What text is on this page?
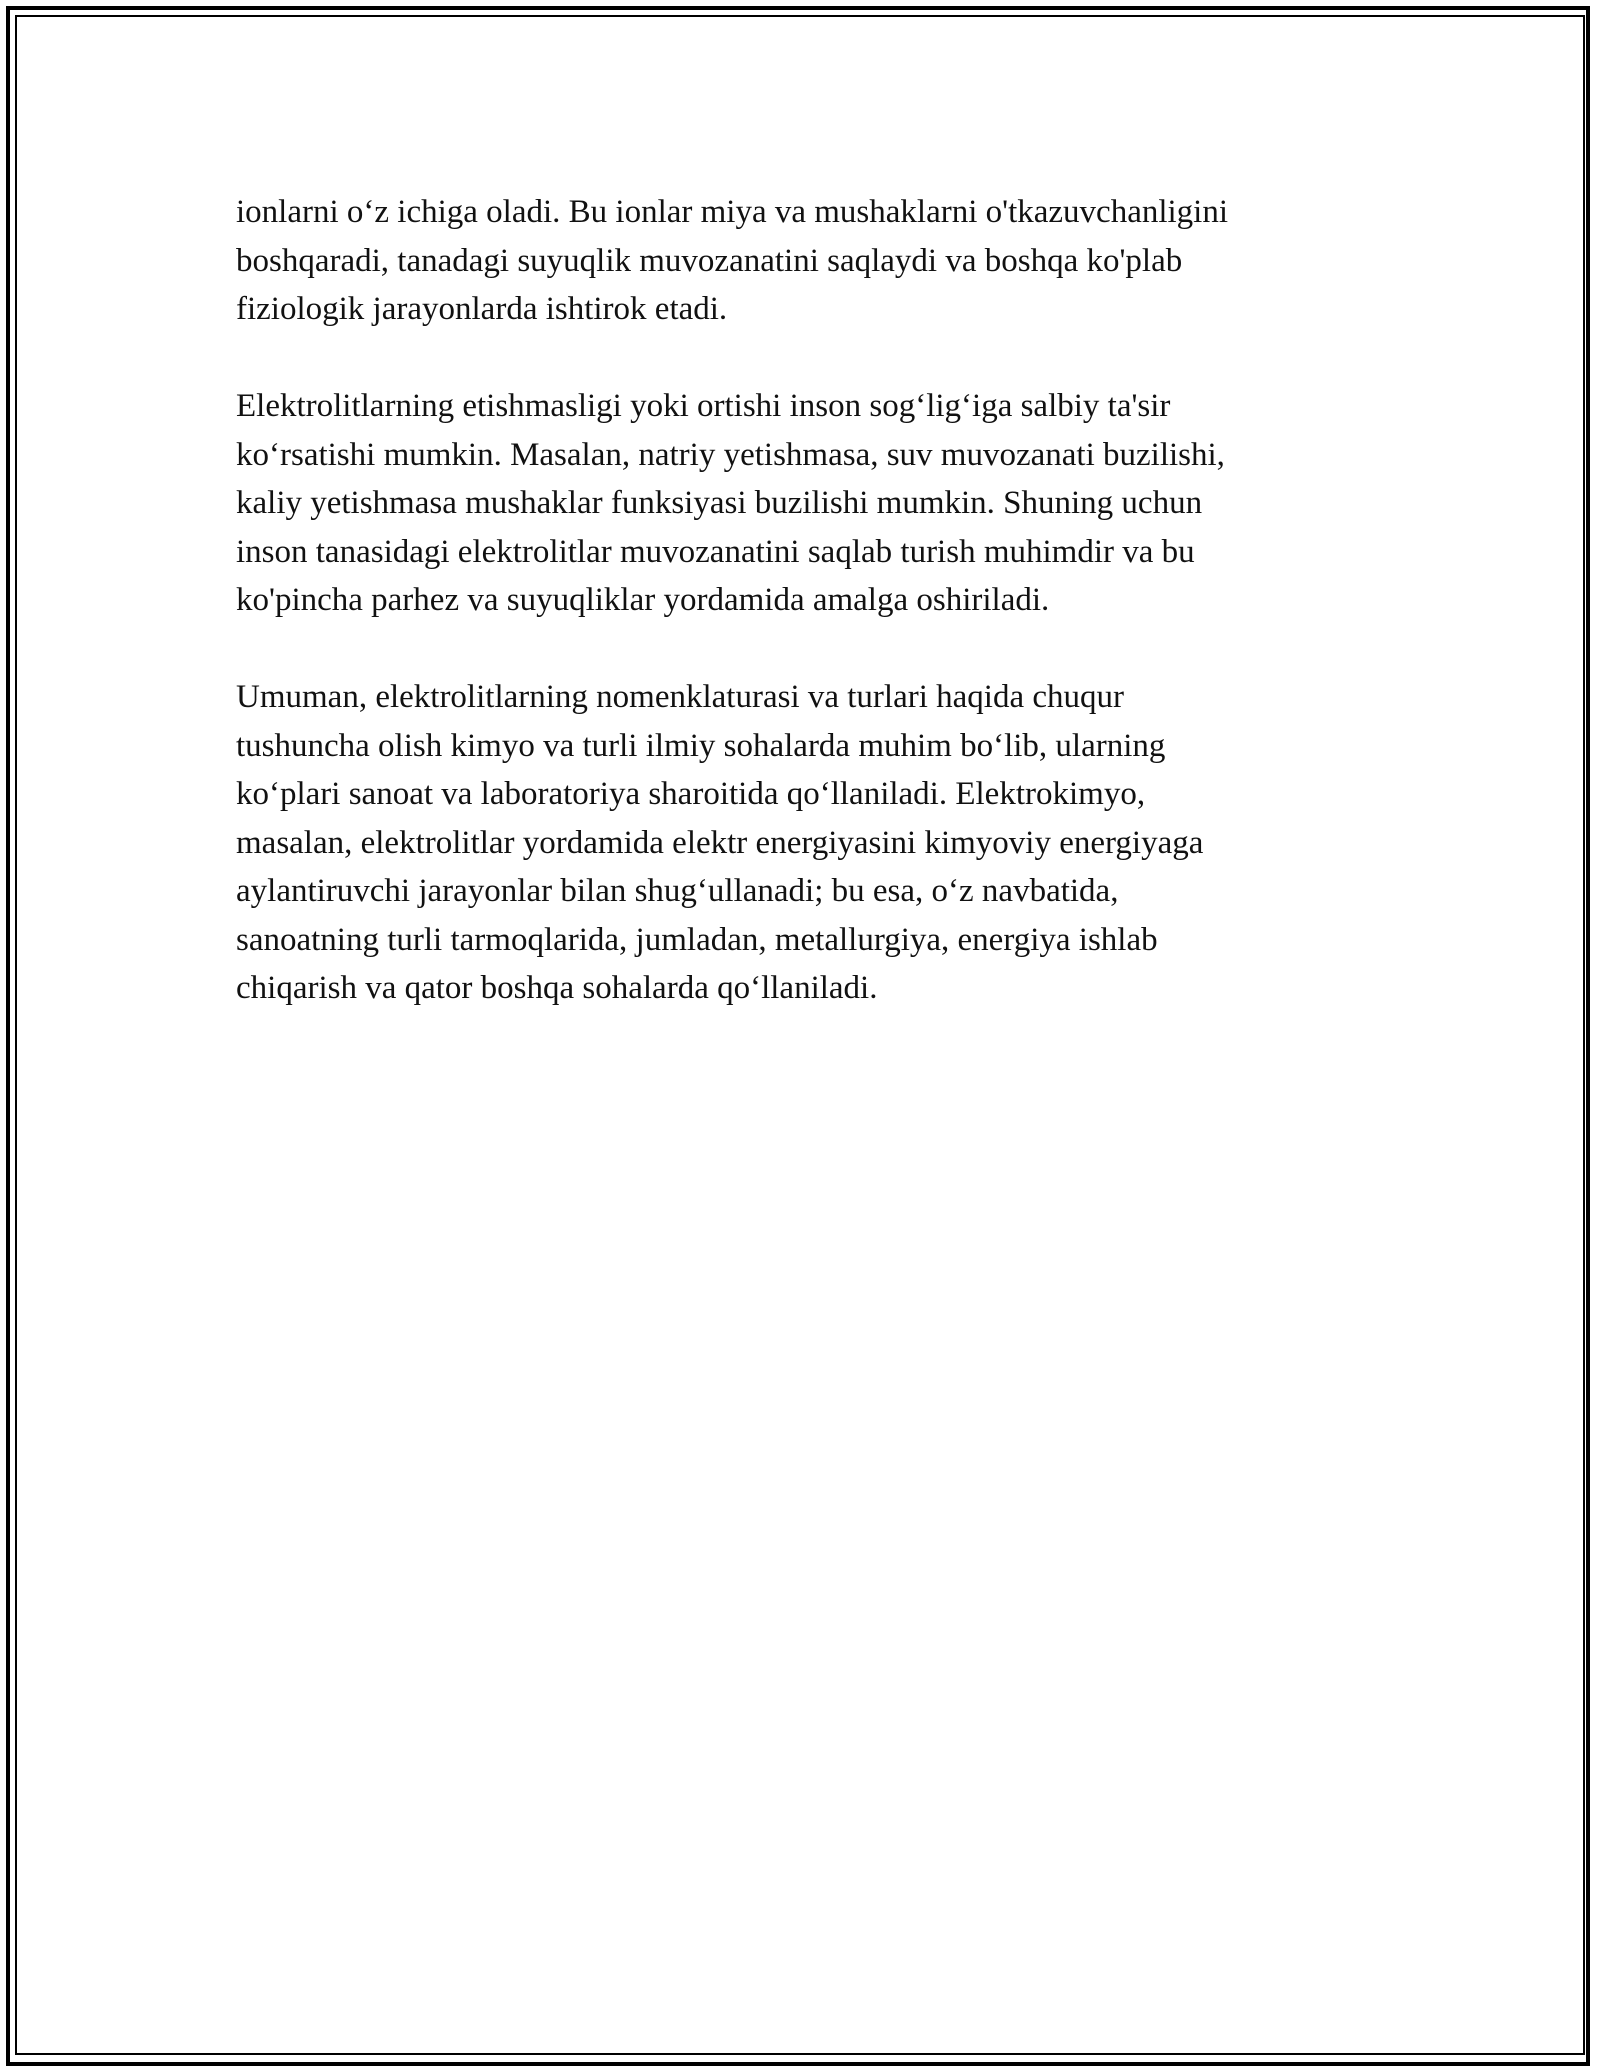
ionlarni o‘z ichiga oladi. Bu ionlar miya va mushaklarni o'tkazuvchanligini
boshqaradi, tanadagi suyuqlik muvozanatini saqlaydi va boshqa ko'plab
fiziologik jarayonlarda ishtirok etadi.

Elektrolitlarning etishmasligi yoki ortishi inson sog‘lig‘iga salbiy ta'sir
ko‘rsatishi mumkin. Masalan, natriy yetishmasa, suv muvozanati buzilishi,
kaliy yetishmasa mushaklar funksiyasi buzilishi mumkin. Shuning uchun
inson tanasidagi elektrolitlar muvozanatini saqlab turish muhimdir va bu
ko'pincha parhez va suyuqliklar yordamida amalga oshiriladi.

Umuman, elektrolitlarning nomenklaturasi va turlari haqida chuqur
tushuncha olish kimyo va turli ilmiy sohalarda muhim bo‘lib, ularning
ko‘plari sanoat va laboratoriya sharoitida qo‘llaniladi. Elektrokimyo,
masalan, elektrolitlar yordamida elektr energiyasini kimyoviy energiyaga
aylantiruvchi jarayonlar bilan shug‘ullanadi; bu esa, o‘z navbatida,
sanoatning turli tarmoqlarida, jumladan, metallurgiya, energiya ishlab
chiqarish va qator boshqa sohalarda qo‘llaniladi.
